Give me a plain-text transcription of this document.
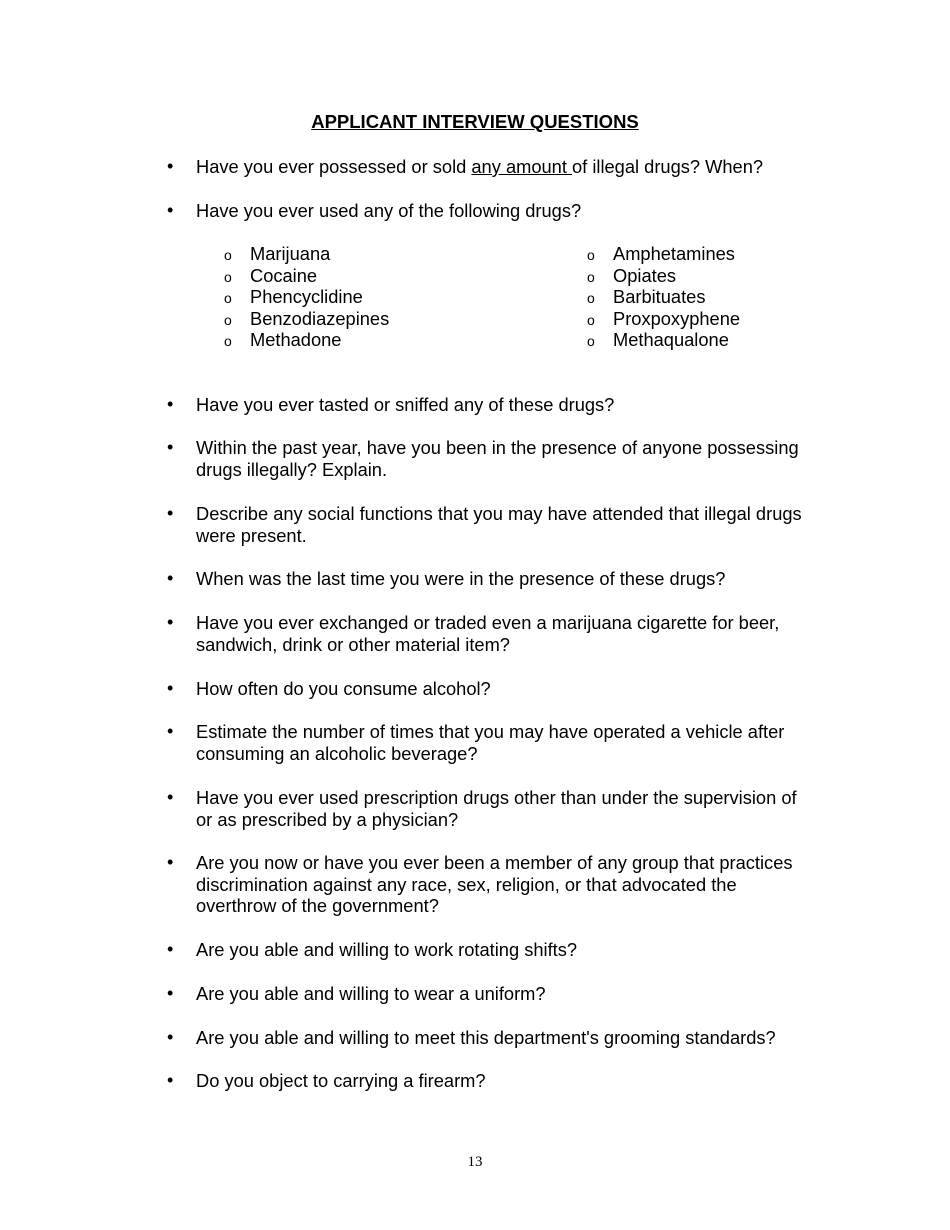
APPLICANT INTERVIEW QUESTIONS
• Have you ever possessed or sold any amount of illegal drugs? When?
• Have you ever used any of the following drugs?
o Marijuana
o Cocaine
o Phencyclidine
o Benzodiazepines
o Methadone
o Amphetamines
o Opiates
o Barbituates
o Proxpoxyphene
o Methaqualone
• Have you ever tasted or sniffed any of these drugs?
• Within the past year, have you been in the presence of anyone possessing drugs illegally? Explain.
• Describe any social functions that you may have attended that illegal drugs were present.
• When was the last time you were in the presence of these drugs?
• Have you ever exchanged or traded even a marijuana cigarette for beer, sandwich, drink or other material item?
• How often do you consume alcohol?
• Estimate the number of times that you may have operated a vehicle after consuming an alcoholic beverage?
• Have you ever used prescription drugs other than under the supervision of or as prescribed by a physician?
• Are you now or have you ever been a member of any group that practices discrimination against any race, sex, religion, or that advocated the overthrow of the government?
• Are you able and willing to work rotating shifts?
• Are you able and willing to wear a uniform?
• Are you able and willing to meet this department's grooming standards?
• Do you object to carrying a firearm?
13
